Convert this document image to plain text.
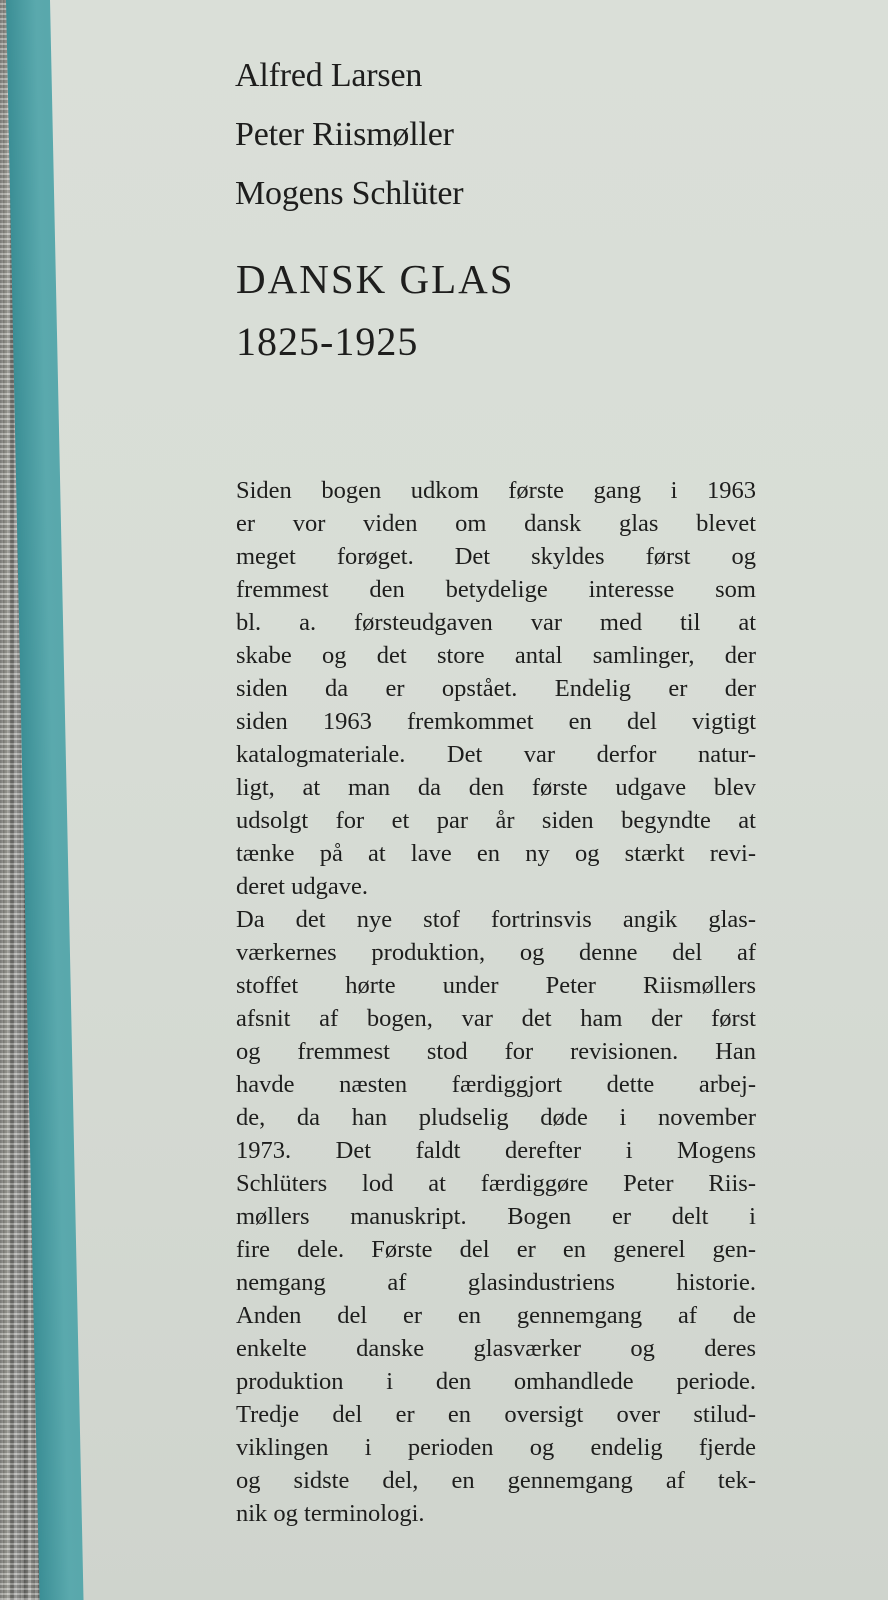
Alfred Larsen
Peter Riismøller
Mogens Schlüter
DANSK GLAS
1825-1925
Siden bogen udkom første gang i 1963
er vor viden om dansk glas blevet
meget forøget. Det skyldes først og
fremmest den betydelige interesse som
bl. a. førsteudgaven var med til at
skabe og det store antal samlinger, der
siden da er opstået. Endelig er der
siden 1963 fremkommet en del vigtigt
katalogmateriale. Det var derfor natur-
ligt, at man da den første udgave blev
udsolgt for et par år siden begyndte at
tænke på at lave en ny og stærkt revi-
deret udgave.
Da det nye stof fortrinsvis angik glas-
værkernes produktion, og denne del af
stoffet hørte under Peter Riismøllers
afsnit af bogen, var det ham der først
og fremmest stod for revisionen. Han
havde næsten færdiggjort dette arbej-
de, da han pludselig døde i november
1973. Det faldt derefter i Mogens
Schlüters lod at færdiggøre Peter Riis-
møllers manuskript. Bogen er delt i
fire dele. Første del er en generel gen-
nemgang af glasindustriens historie.
Anden del er en gennemgang af de
enkelte danske glasværker og deres
produktion i den omhandlede periode.
Tredje del er en oversigt over stilud-
viklingen i perioden og endelig fjerde
og sidste del, en gennemgang af tek-
nik og terminologi.
